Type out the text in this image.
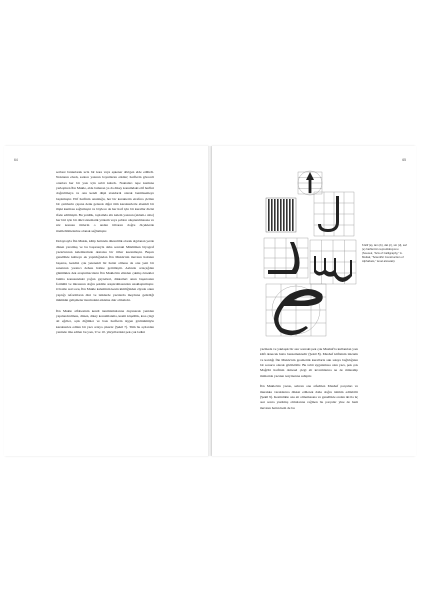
64

serbest bırakılarak ucla bir kare veya eşkenar dörtgen elde edilirdi. Noktanın ebadı, sadece yazının boyutlarını etkiler; harflerin göreceli oranları her bir yazı için sabit kalırdı. Noktaları tepe kısmına yerleştiren İbn Mukle, elde bulunan ya da dikey konumdaki elif harfini doğrultmaya ve onu kendi düşü standardı olarak benimsemeye başlamıştır. Elif harfinin uzunluğu, her bir karakterin etrafına çizilen bir çemberin çapına denk gelerek diğer tüm karakterlerle abenkli bir ilişki kurması sağlamıştır ve böylece de her harf için bir kurallar dizisi ifade edilmiştir. Bu yenilik, toplamda altı kalem yazının (aklam-ı sitte) her biri için bir düzi sistematik yöntem veya şablon oluşturulmasına ve söz konusu türlerin o andan itibaren doğru ölçeklerde üretilebilmelerine olanak sağlamıştır.

Dolayısıyla İbn Mukle, kâtip hattında düzenlilik olarak algılanan yerde düzen yaratmış ve bu başarısıyla daha sonraki Müslüman biyograf yazarlarının kalemlerinde destansı bir itibar kazanmıştır. Başarı genellikle kaliteye ek yapıldığından İbn Mukle'nin mevzun hattının başarısı, kendisi çok yetenekli bir hattat olmasa da onu yeni bir sanatının yaratıcı dehası haline getirmiştir. Aslında ortaçağdan günümüze dek araştırmacıların İbn Mukle'nin elinden çıkmış örnekler bulma konusundaki yoğun gayretleri, dikkatleri onun başarısının formülü ve mirasının doğru şekilde araştırılmasından uzaklaştırmıştır. O halde asıl soru, İbn Mukle kaleminin kesin kimliğinden ziyade onun yaptığı reformların dini ve laiklerde yazılarda meydana getirdiği mümkün gelişmeler üzerindeki etkisine dair olmalıdır.

İbn Mukle alfabesinin kendi tanımlamalarına dayanarak yeniden yapılandırılması, düzen, dikey konumlanma, kısmi köşelilik, kısa çizgi alt eğriler, açık diğimler ve bazı harflerin üçgen görünümüyle karakterize edilen bir yazı ortaya çıkartır (Şekil 7). Tüm bu açılardan yeninde ima edilen bu yazı, 9 ve 10. yüzyıllardaki pek çok ladini

65
6 Elif (a), lam (b), dal (c), sin (d), saf (e) harflerinin reprodüksiyonu (Soucek, "Arts of Calligraphy," A. Mutlak, "Scientific Construction of Alphabets," lenel alınarak).

yazmada ve yaklaşık bir asır sonraki pek çok Mushaf'ta kullanılan yazı kûfi denecek hatta benzemektedir (Şekil 8). Mushaf kûfisinin inizamı ve katılığı İbn Mukle'nin geometrik kurallarla sıkı sıkıya bağlılığının bir sonucu olarak görülebilir. Bu tabii uygulaması olan yazı, pek çok Mağribi harfinin dairesel çizgi alt kıvrımlarına ne de müteahip mimaride yazının tezyinatına sahiptir.

İbn Mukle'nin yazısı, sehven ona atfedilen Mushaf parçaları ve murakka varaklarına dikkat edilerek daha doğru tahmin edilebilir (Şekil 9). Kestinlikle ona ait olmamasına ve genellikle ondan iki ila üç asır sonra yazılmış olmalarına rağmen bu parçalar yine de hem mevzun hattın hem de bu
